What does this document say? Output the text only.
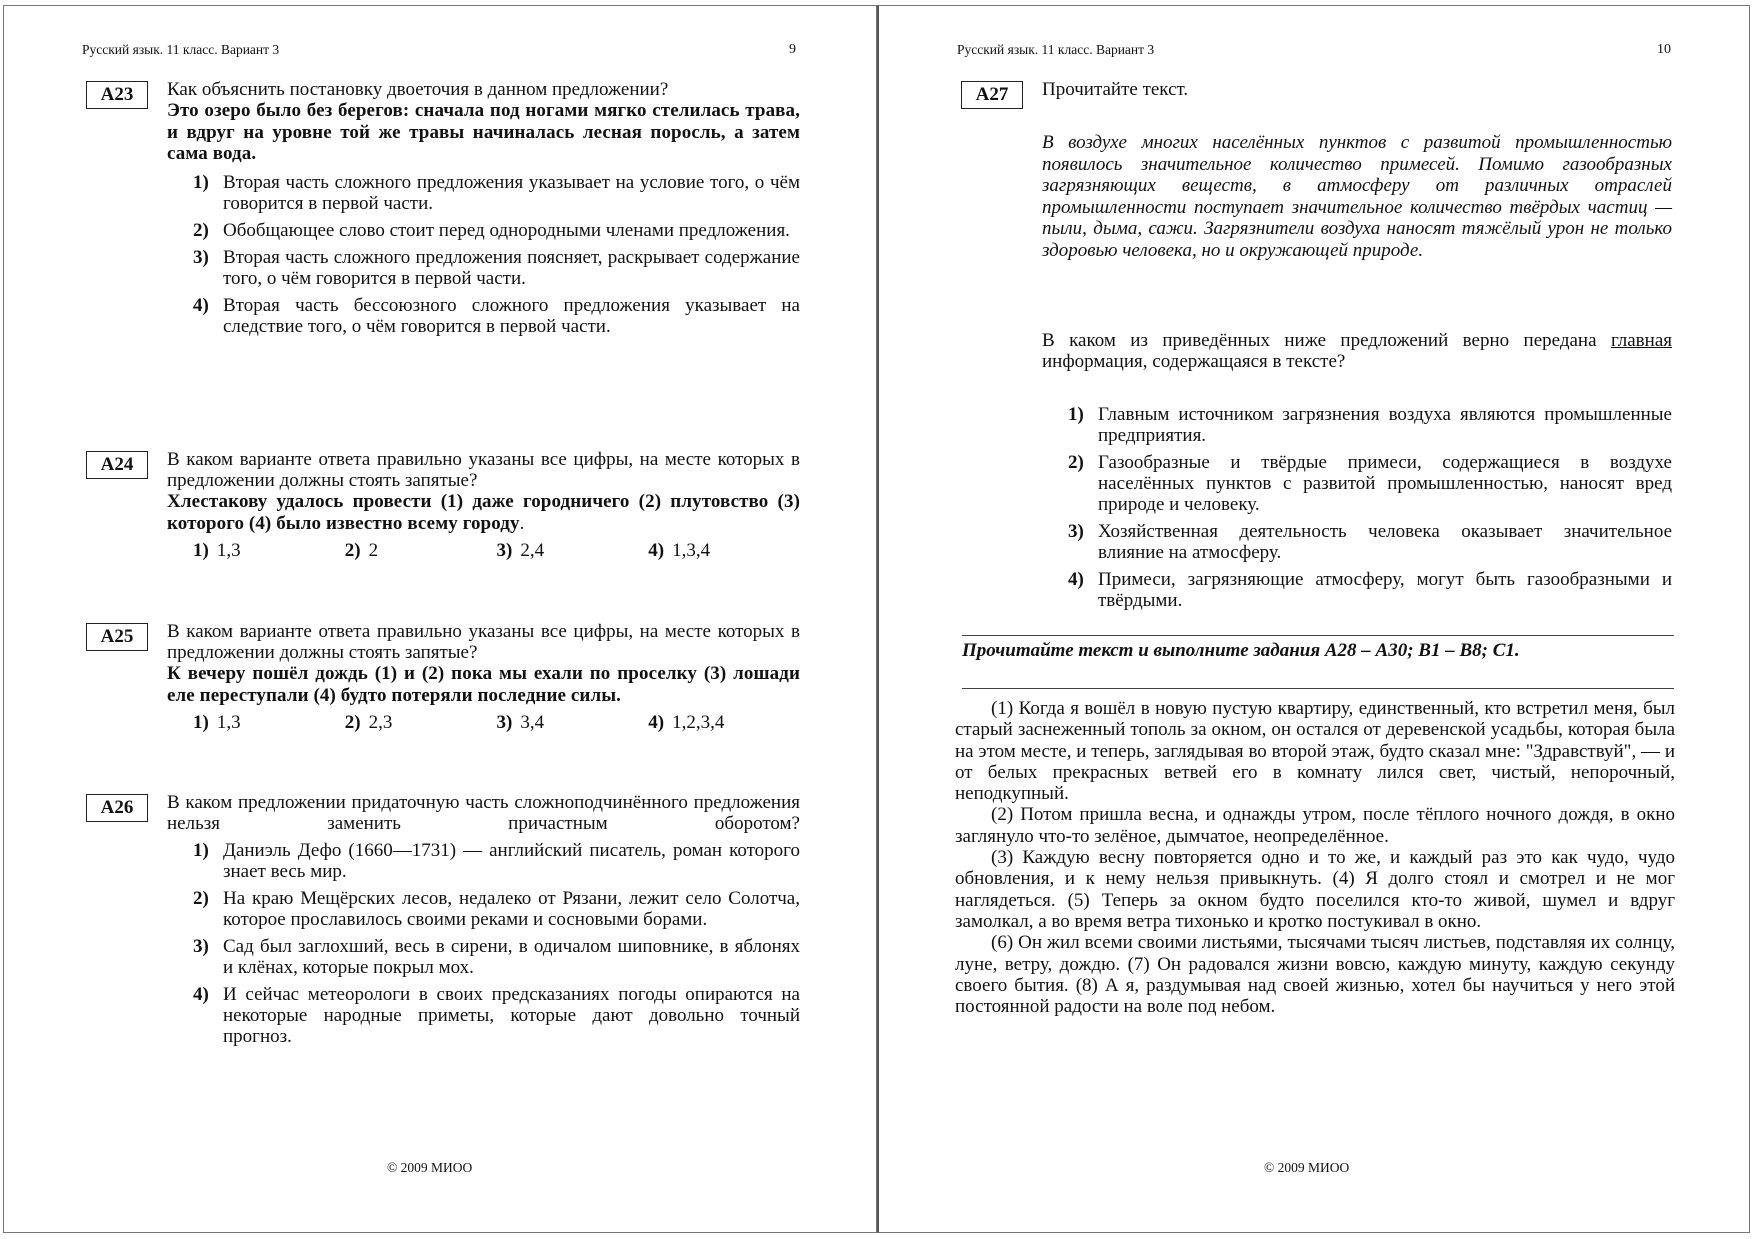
Русский язык. 11 класс. Вариант 3	9
А23	Как объяснить постановку двоеточия в данном предложении?
Это озеро было без берегов: сначала под ногами мягко стелилась трава, и вдруг на уровне той же травы начиналась лесная поросль, а затем сама вода.
1) Вторая часть сложного предложения указывает на условие того, о чём говорится в первой части.
2) Обобщающее слово стоит перед однородными членами предложения.
3) Вторая часть сложного предложения поясняет, раскрывает содержание того, о чём говорится в первой части.
4) Вторая часть бессоюзного сложного предложения указывает на следствие того, о чём говорится в первой части.
А24	В каком варианте ответа правильно указаны все цифры, на месте которых в предложении должны стоять запятые?
Хлестакову удалось провести (1) даже городничего (2) плутовство (3) которого (4) было известно всему городу.
1) 1,3	2) 2	3) 2,4	4) 1,3,4
А25	В каком варианте ответа правильно указаны все цифры, на месте которых в предложении должны стоять запятые?
К вечеру пошёл дождь (1) и (2) пока мы ехали по проселку (3) лошади еле переступали (4) будто потеряли последние силы.
1) 1,3	2) 2,3	3) 3,4	4) 1,2,3,4
А26	В каком предложении придаточную часть сложноподчинённого предложения нельзя заменить причастным оборотом?
1) Даниэль Дефо (1660—1731) — английский писатель, роман которого знает весь мир.
2) На краю Мещёрских лесов, недалеко от Рязани, лежит село Солотча, которое прославилось своими реками и сосновыми борами.
3) Сад был заглохший, весь в сирени, в одичалом шиповнике, в яблонях и клёнах, которые покрыл мох.
4) И сейчас метеорологи в своих предсказаниях погоды опираются на некоторые народные приметы, которые дают довольно точный прогноз.
© 2009 МИОО
Русский язык. 11 класс. Вариант 3	10
А27	Прочитайте текст.
В воздухе многих населённых пунктов с развитой промышленностью появилось значительное количество примесей. Помимо газообразных загрязняющих веществ, в атмосферу от различных отраслей промышленности поступает значительное количество твёрдых частиц — пыли, дыма, сажи. Загрязнители воздуха наносят тяжёлый урон не только здоровью человека, но и окружающей природе.
В каком из приведённых ниже предложений верно передана главная информация, содержащаяся в тексте?
1) Главным источником загрязнения воздуха являются промышленные предприятия.
2) Газообразные и твёрдые примеси, содержащиеся в воздухе населённых пунктов с развитой промышленностью, наносят вред природе и человеку.
3) Хозяйственная деятельность человека оказывает значительное влияние на атмосферу.
4) Примеси, загрязняющие атмосферу, могут быть газообразными и твёрдыми.
Прочитайте текст и выполните задания А28 – А30; В1 – В8; С1.

(1) Когда я вошёл в новую пустую квартиру, единственный, кто встретил меня, был старый заснеженный тополь за окном, он остался от деревенской усадьбы, которая была на этом месте, и теперь, заглядывая во второй этаж, будто сказал мне: "Здравствуй", — и от белых прекрасных ветвей его в комнату лился свет, чистый, непорочный, неподкупный.

(2) Потом пришла весна, и однажды утром, после тёплого ночного дождя, в окно заглянуло что-то зелёное, дымчатое, неопределённое.

(3) Каждую весну повторяется одно и то же, и каждый раз это как чудо, чудо обновления, и к нему нельзя привыкнуть. (4) Я долго стоял и смотрел и не мог наглядеться. (5) Теперь за окном будто поселился кто-то живой, шумел и вдруг замолкал, а во время ветра тихонько и кротко постукивал в окно.

(6) Он жил всеми своими листьями, тысячами тысяч листьев, подставляя их солнцу, луне, ветру, дождю. (7) Он радовался жизни вовсю, каждую минуту, каждую секунду своего бытия. (8) А я, раздумывая над своей жизнью, хотел бы научиться у него этой постоянной радости на воле под небом.

© 2009 МИОО
